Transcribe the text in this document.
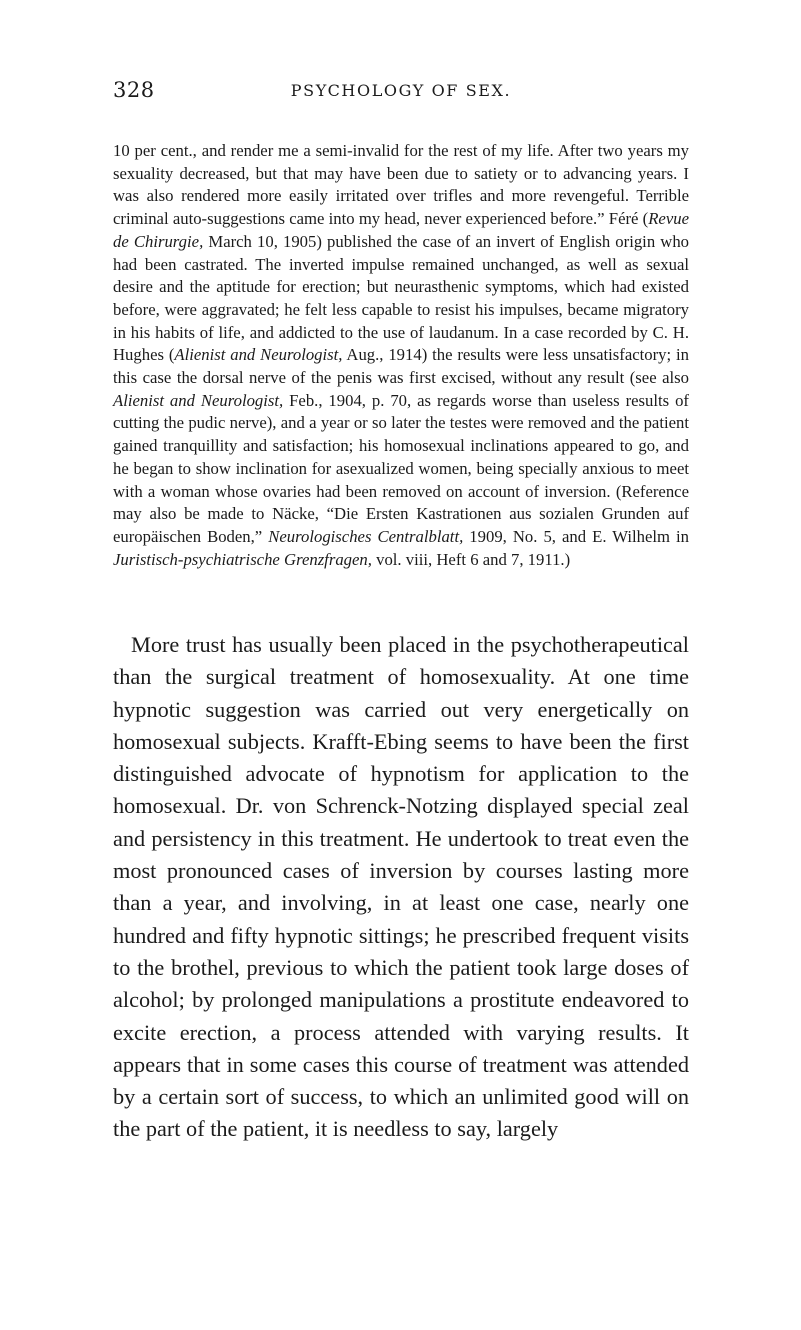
328	PSYCHOLOGY OF SEX.

10 per cent., and render me a semi-invalid for the rest of my life. After two years my sexuality decreased, but that may have been due to satiety or to advancing years. I was also rendered more easily irritated over trifles and more revengeful. Terrible criminal auto-suggestions came into my head, never experienced before.” Féré (Revue de Chirurgie, March 10, 1905) published the case of an invert of English origin who had been castrated. The inverted impulse remained unchanged, as well as sexual desire and the aptitude for erection; but neurasthenic symptoms, which had existed before, were aggravated; he felt less capable to resist his impulses, became migratory in his habits of life, and addicted to the use of laudanum. In a case recorded by C. H. Hughes (Alienist and Neurologist, Aug., 1914) the results were less unsatisfactory; in this case the dorsal nerve of the penis was first excised, without any result (see also Alienist and Neurologist, Feb., 1904, p. 70, as regards worse than useless results of cutting the pudic nerve), and a year or so later the testes were removed and the patient gained tranquillity and satisfaction; his homosexual inclinations appeared to go, and he began to show inclination for asexualized women, being specially anxious to meet with a woman whose ovaries had been removed on account of inversion. (Reference may also be made to Näcke, “Die Ersten Kastrationen aus sozialen Grunden auf europäischen Boden,” Neurologisches Centralblatt, 1909, No. 5, and E. Wilhelm in Juristisch-psychiatrische Grenzfragen, vol. viii, Heft 6 and 7, 1911.)

More trust has usually been placed in the psychotherapeutical than the surgical treatment of homosexuality. At one time hypnotic suggestion was carried out very energetically on homosexual subjects. Krafft-Ebing seems to have been the first distinguished advocate of hypnotism for application to the homosexual. Dr. von Schrenck-Notzing displayed special zeal and persistency in this treatment. He undertook to treat even the most pronounced cases of inversion by courses lasting more than a year, and involving, in at least one case, nearly one hundred and fifty hypnotic sittings; he prescribed frequent visits to the brothel, previous to which the patient took large doses of alcohol; by prolonged manipulations a prostitute endeavored to excite erection, a process attended with varying results. It appears that in some cases this course of treatment was attended by a certain sort of success, to which an unlimited good will on the part of the patient, it is needless to say, largely
